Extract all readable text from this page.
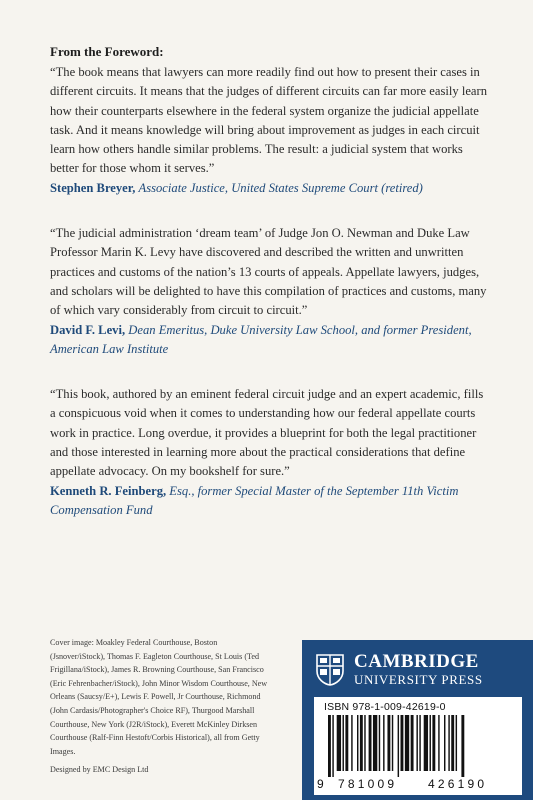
From the Foreword:

“The book means that lawyers can more readily find out how to present their cases in different circuits. It means that the judges of different circuits can far more easily learn how their counterparts elsewhere in the federal system organize the judicial appellate task. And it means knowledge will bring about improvement as judges in each circuit learn how others handle similar problems. The result: a judicial system that works better for those whom it serves.”

Stephen Breyer, Associate Justice, United States Supreme Court (retired)

“The judicial administration ‘dream team’ of Judge Jon O. Newman and Duke Law Professor Marin K. Levy have discovered and described the written and unwritten practices and customs of the nation’s 13 courts of appeals. Appellate lawyers, judges, and scholars will be delighted to have this compilation of practices and customs, many of which vary considerably from circuit to circuit.”

David F. Levi, Dean Emeritus, Duke University Law School, and former President, American Law Institute

“This book, authored by an eminent federal circuit judge and an expert academic, fills a conspicuous void when it comes to understanding how our federal appellate courts work in practice. Long overdue, it provides a blueprint for both the legal practitioner and those interested in learning more about the practical considerations that define appellate advocacy. On my bookshelf for sure.”

Kenneth R. Feinberg, Esq., former Special Master of the September 11th Victim Compensation Fund

Cover image: Moakley Federal Courthouse, Boston (Jsnover/iStock), Thomas F. Eagleton Courthouse, St Louis (Ted Frigillana/iStock), James R. Browning Courthouse, San Francisco (Eric Fehrenbacher/iStock), John Minor Wisdom Courthouse, New Orleans (Saucsy/E+), Lewis F. Powell, Jr Courthouse, Richmond (John Cardasis/Photographer's Choice RF), Thurgood Marshall Courthouse, New York (J2R/iStock), Everett McKinley Dirksen Courthouse (Ralf-Finn Hestoft/Corbis Historical), all from Getty Images.
Designed by EMC Design Ltd
CAMBRIDGE
UNIVERSITY PRESS
ISBN 978-1-009-42619-0
9 781009	426190
